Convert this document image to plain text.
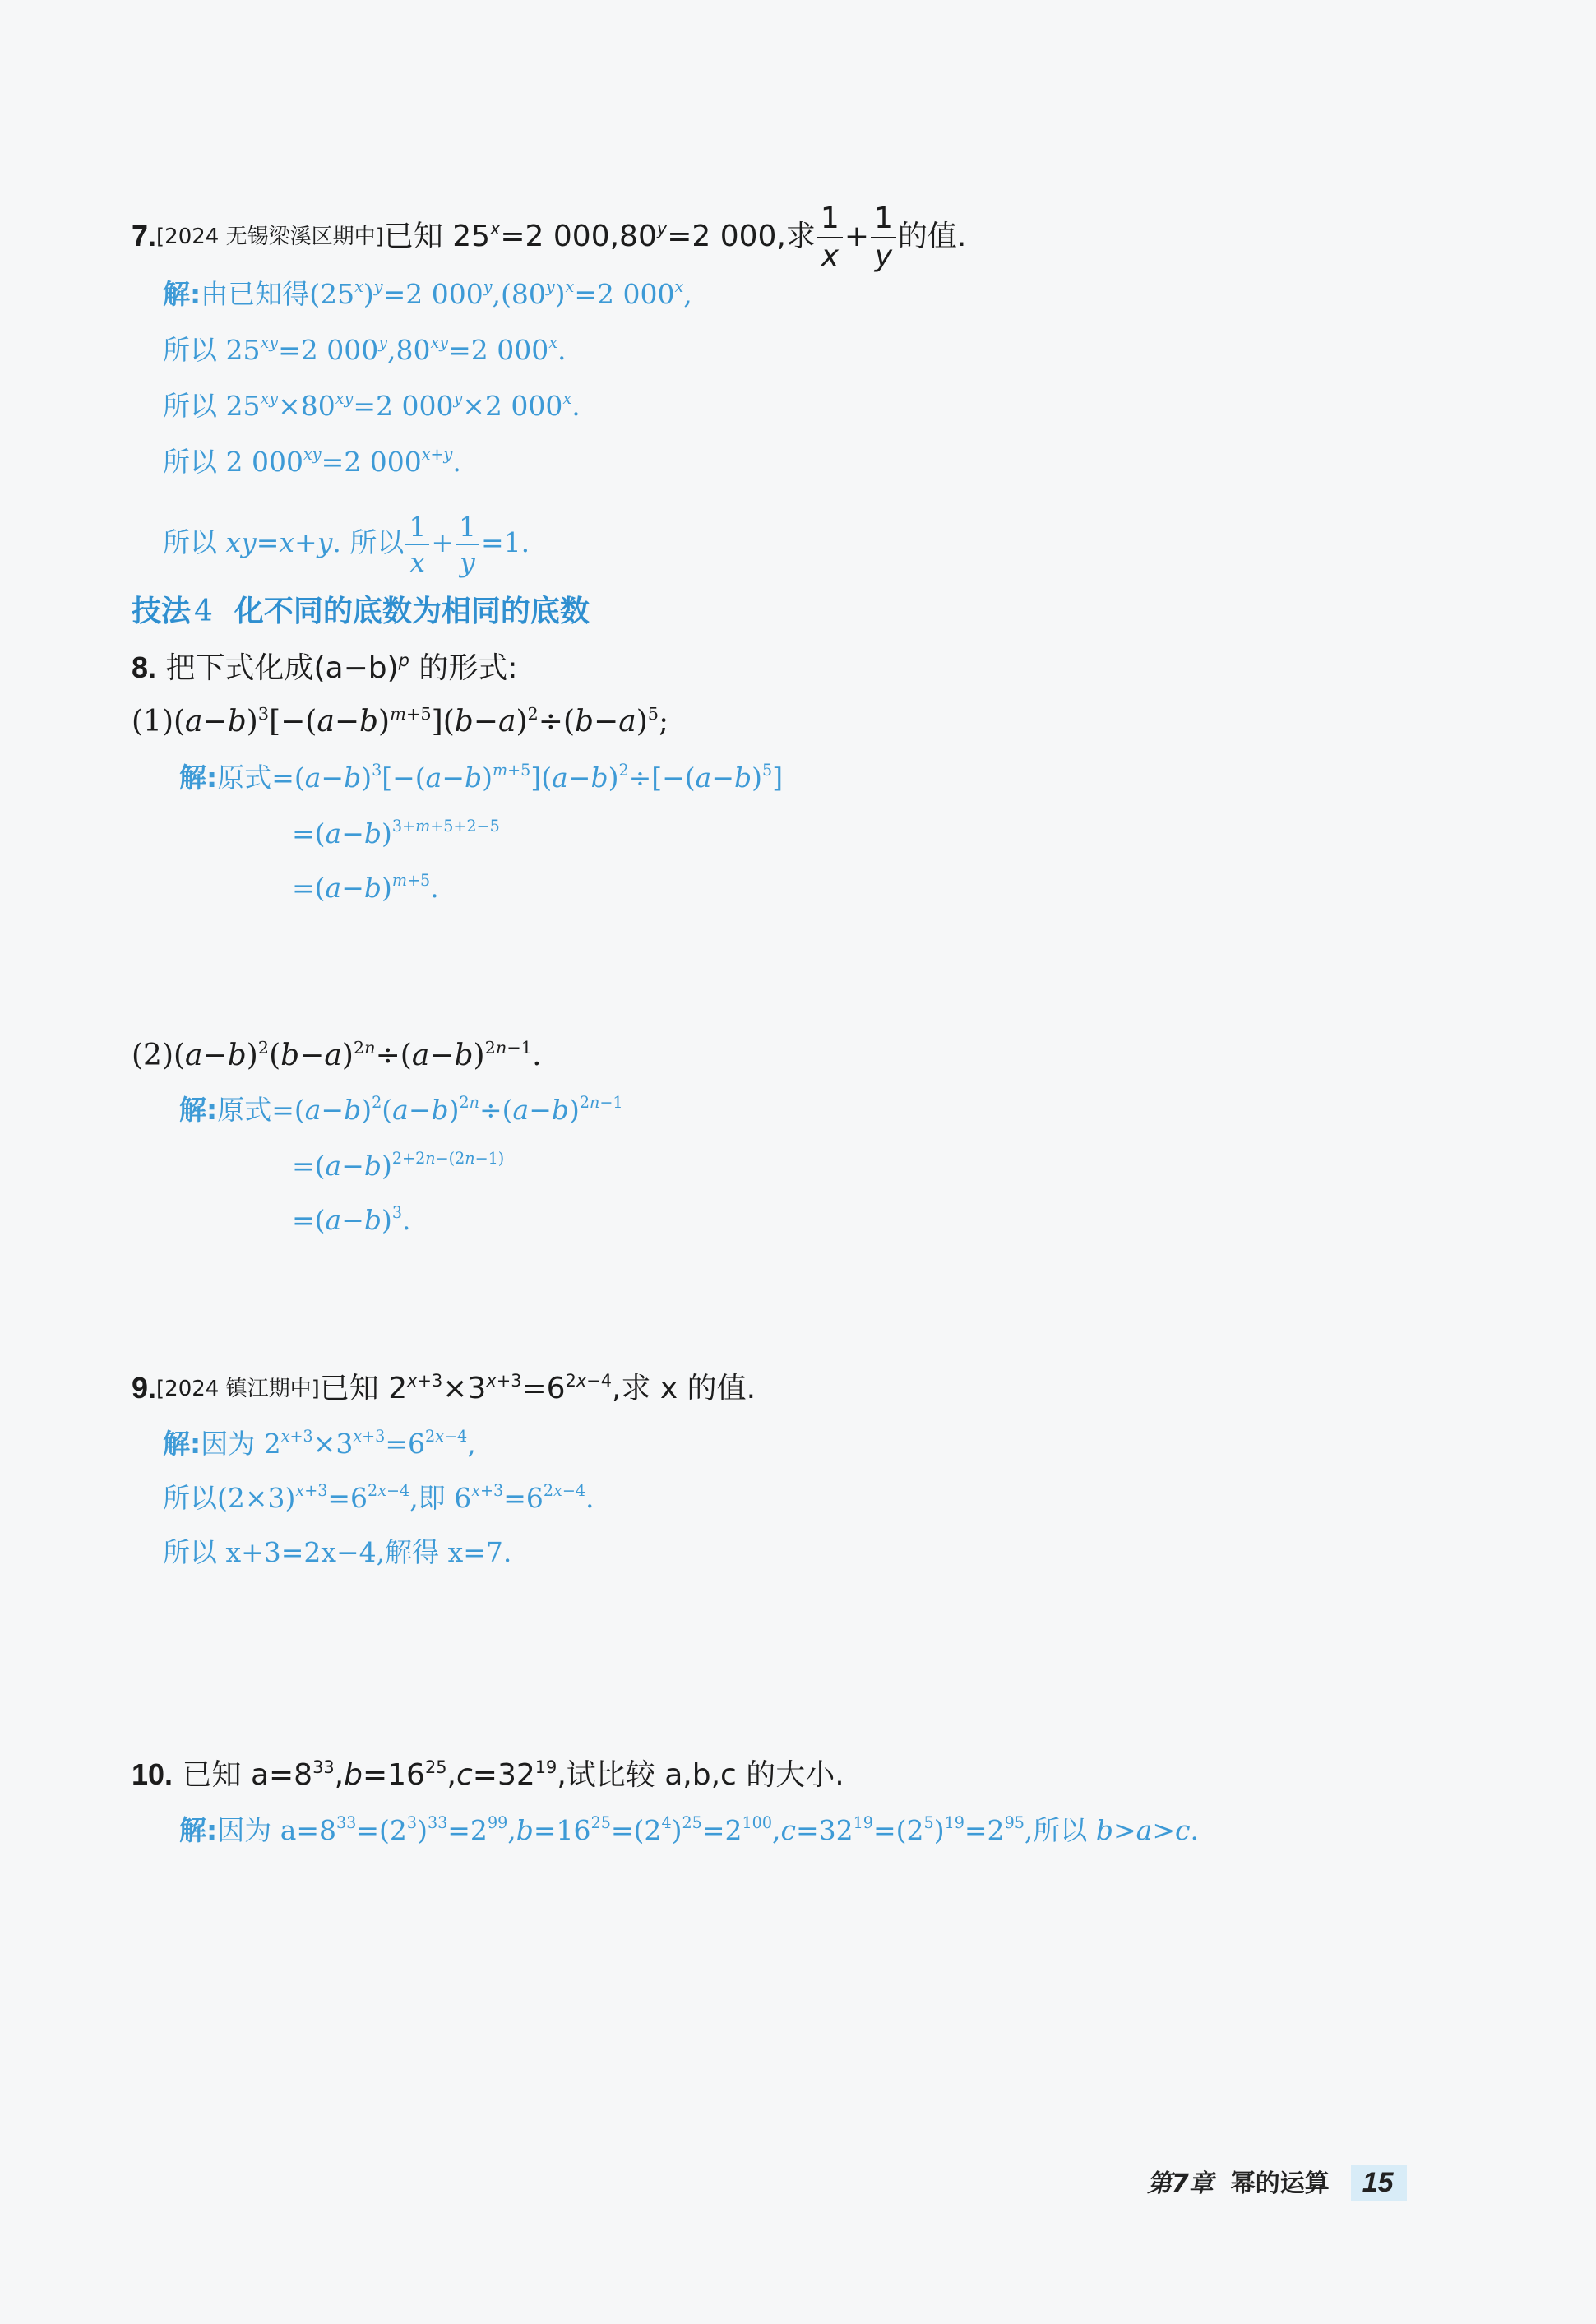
7.[2024 无锡梁溪区期中]已知 $25^x=2$ $000,80^y=2$ 000,求 $\frac{1}{x} + \frac{1}{y}$ 的值.
解:由已知得$(25^x)^y=2$ $000^y,(80^y)^x=2$ 000$^x$,
所以 $25^{xy}=2$ $000^y,80^{xy}=2$ 000$^x$.
所以 $25^{xy}\times 80^{xy}=2$ $000^y\times 2$ 000$^x$.
所以 2 $000^{xy}=2$ $000^{x+y}$.
所以 xy=x+y. 所以 $\frac{1}{x} + \frac{1}{y} =1$.
技法 4 化不同的底数为相同的底数
8. 把下式化成$(a-b)^p$ 的形式:
$(1)(a-b)^3[-(a-b)^{m+5}](b-a)^2\div(b-a)^5$;
解:原式$=(a-b)^3[-(a-b)^{m+5}](a-b)^2\div[-(a-b)^5]$
$=(a-b)^{3+m+5+2-5}$
$=(a-b)^{m+5}$.
$(2)(a-b)^2(b-a)^{2n}\div(a-b)^{2n-1}$.
解:原式$=(a-b)^2(a-b)^{2n}\div(a-b)^{2n-1}$
$=(a-b)^{2+2n-(2n-1)}$
$=(a-b)^3$.
9.[2024 镇江期中]已知 $2^{x+3}\times 3^{x+3}=6^{2x-4}$,求 x 的值.
解:因为 $2^{x+3}\times 3^{x+3}=6^{2x-4}$,
所以$(2\times 3)^{x+3}=6^{2x-4}$,即 $6^{x+3}=6^{2x-4}$.
所以 x+3=2x−4,解得 x=7.
10. 已知 $a=8^{33},b=16^{25},c=32^{19}$,试比较 a,b,c 的大小.
解:因为 $a=8^{33}=(2^3)^{33}=2^{99},b=16^{25}=(2^4)^{25}=2^{100},c=32^{19}=(2^5)^{19}=2^{95}$,所以 b>a>c.
第7章 幂的运算 15
